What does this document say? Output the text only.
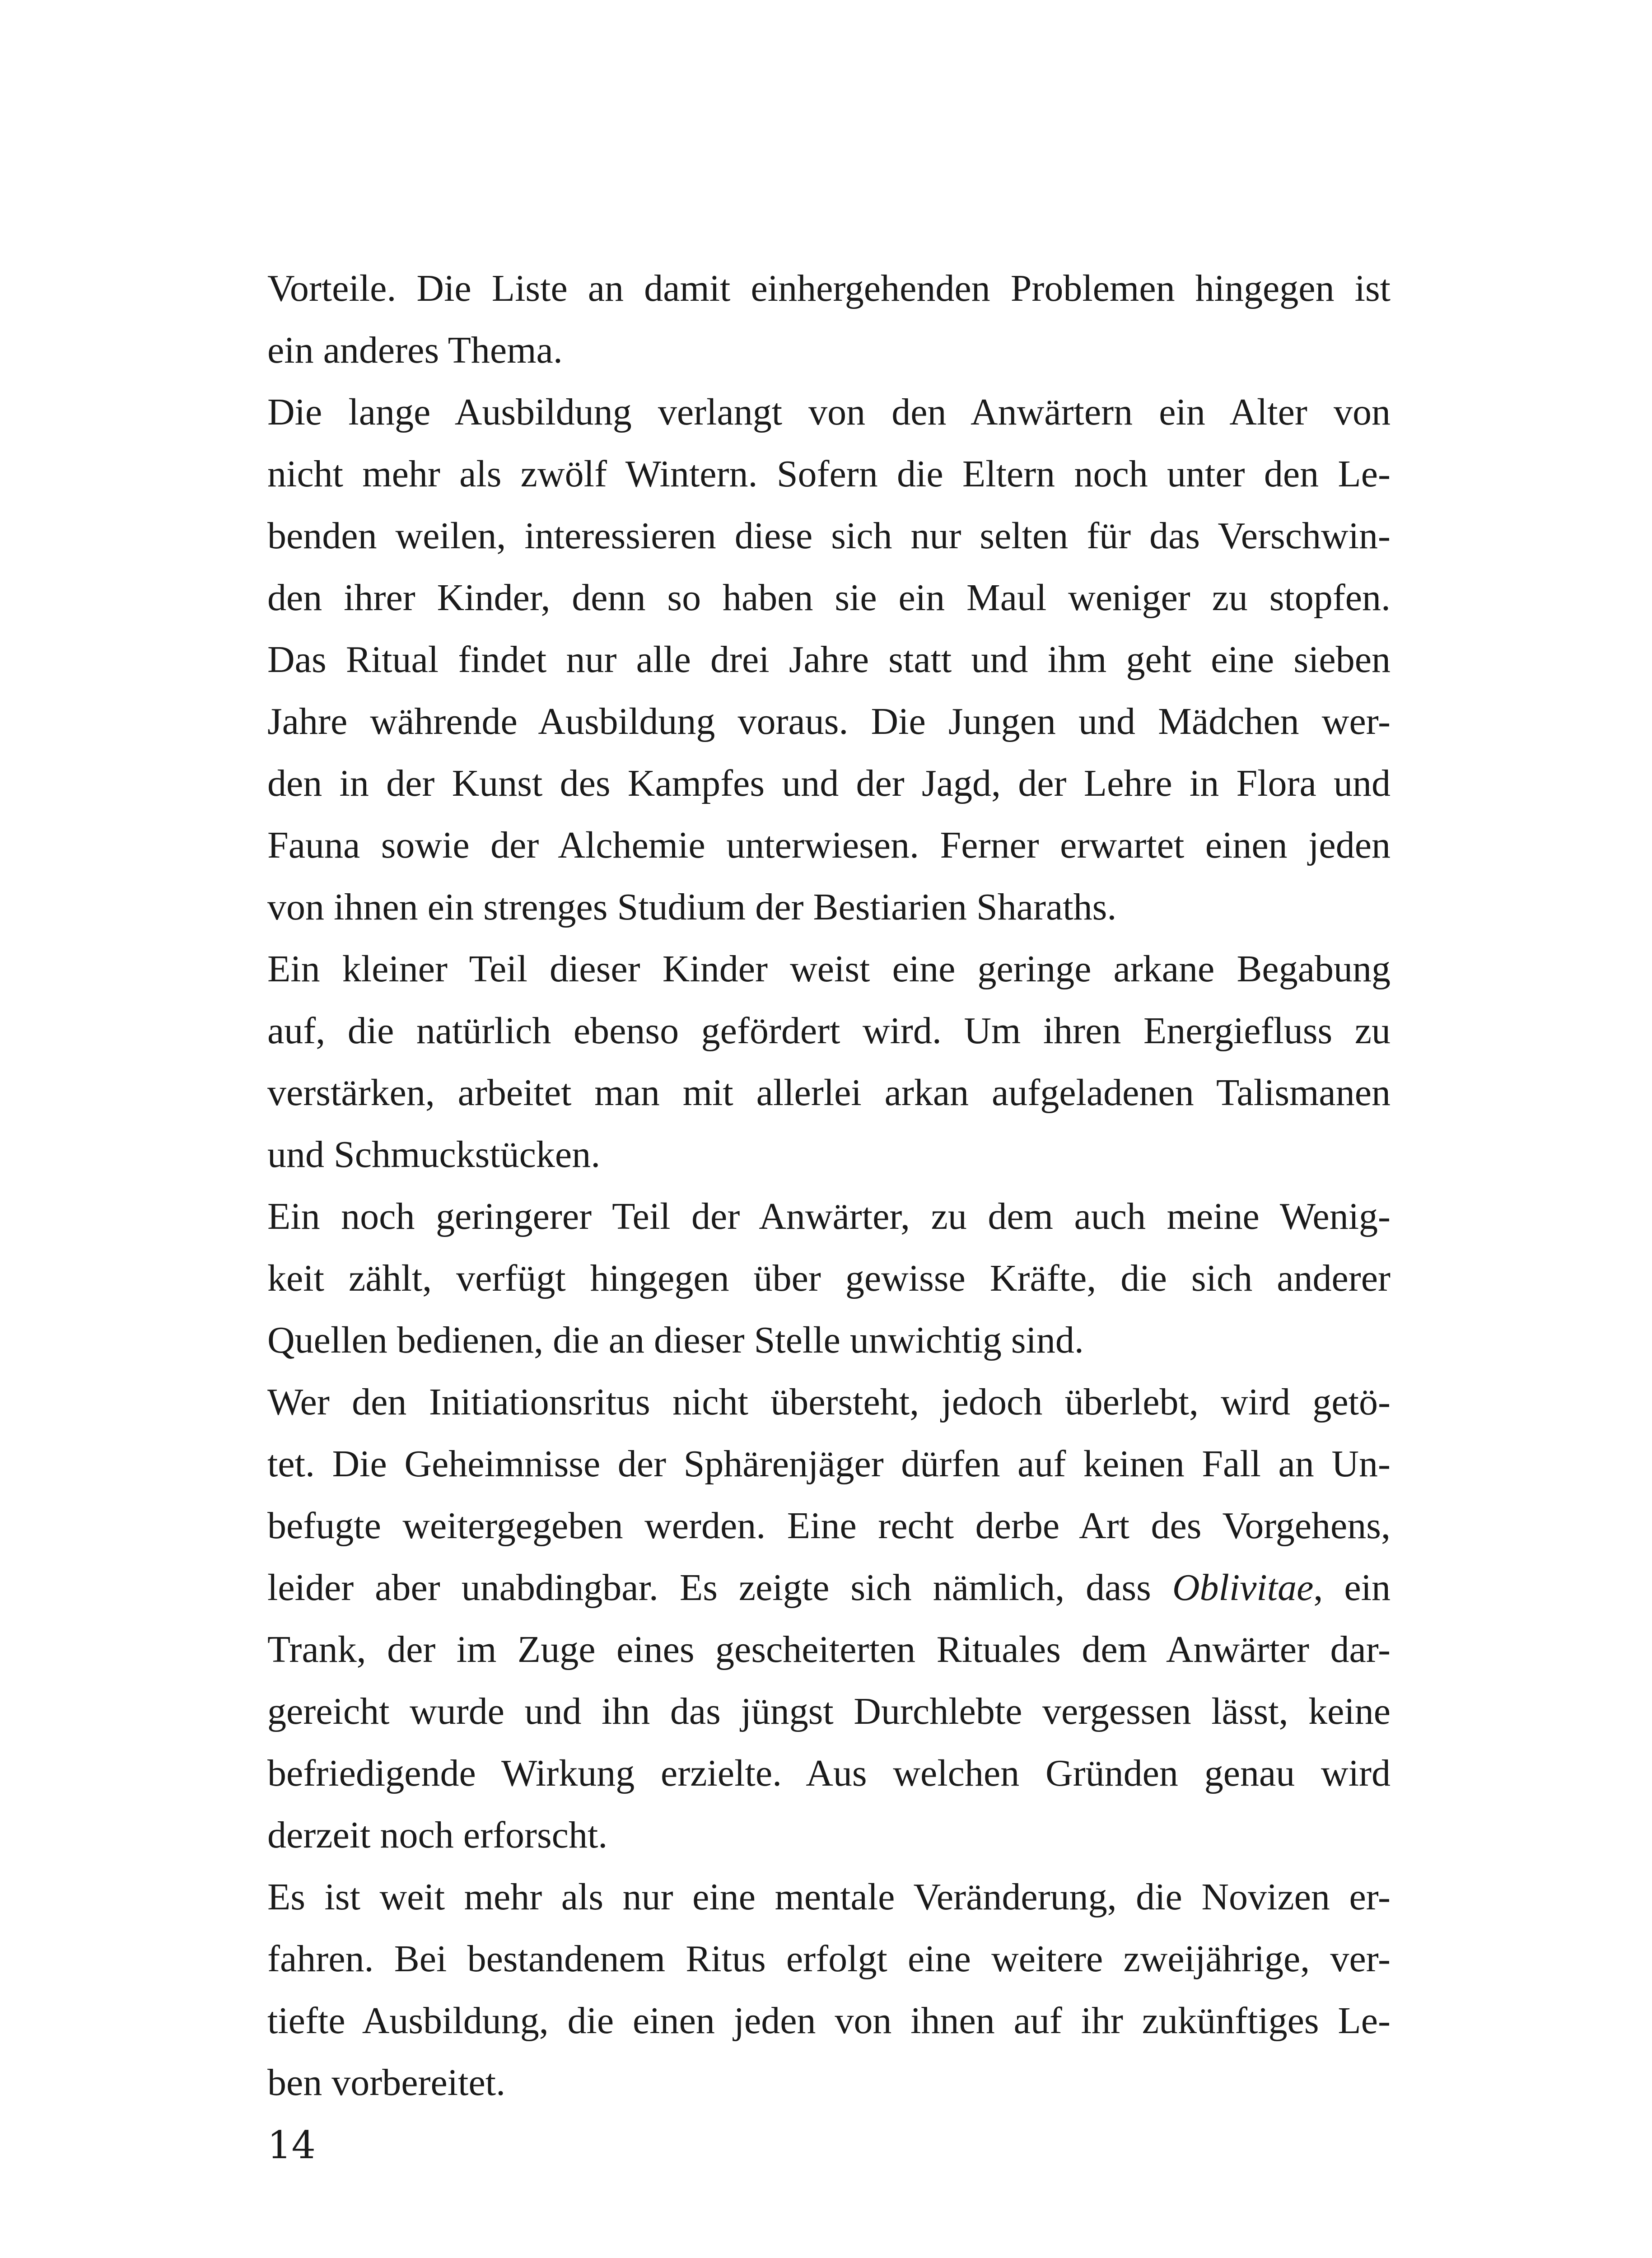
Vorteile. Die Liste an damit einhergehenden Problemen hingegen ist
ein anderes Thema.
Die lange Ausbildung verlangt von den Anwärtern ein Alter von
nicht mehr als zwölf Wintern. Sofern die Eltern noch unter den Le-
benden weilen, interessieren diese sich nur selten für das Verschwin-
den ihrer Kinder, denn so haben sie ein Maul weniger zu stopfen.
Das Ritual findet nur alle drei Jahre statt und ihm geht eine sieben
Jahre währende Ausbildung voraus. Die Jungen und Mädchen wer-
den in der Kunst des Kampfes und der Jagd, der Lehre in Flora und
Fauna sowie der Alchemie unterwiesen. Ferner erwartet einen jeden
von ihnen ein strenges Studium der Bestiarien Sharaths.
Ein kleiner Teil dieser Kinder weist eine geringe arkane Begabung
auf, die natürlich ebenso gefördert wird. Um ihren Energiefluss zu
verstärken, arbeitet man mit allerlei arkan aufgeladenen Talismanen
und Schmuckstücken.
Ein noch geringerer Teil der Anwärter, zu dem auch meine Wenig-
keit zählt, verfügt hingegen über gewisse Kräfte, die sich anderer
Quellen bedienen, die an dieser Stelle unwichtig sind.
Wer den Initiationsritus nicht übersteht, jedoch überlebt, wird getö-
tet. Die Geheimnisse der Sphärenjäger dürfen auf keinen Fall an Un-
befugte weitergegeben werden. Eine recht derbe Art des Vorgehens,
leider aber unabdingbar. Es zeigte sich nämlich, dass Oblivitae, ein
Trank, der im Zuge eines gescheiterten Rituales dem Anwärter dar-
gereicht wurde und ihn das jüngst Durchlebte vergessen lässt, keine
befriedigende Wirkung erzielte. Aus welchen Gründen genau wird
derzeit noch erforscht.
Es ist weit mehr als nur eine mentale Veränderung, die Novizen er-
fahren. Bei bestandenem Ritus erfolgt eine weitere zweijährige, ver-
tiefte Ausbildung, die einen jeden von ihnen auf ihr zukünftiges Le-
ben vorbereitet.
14
